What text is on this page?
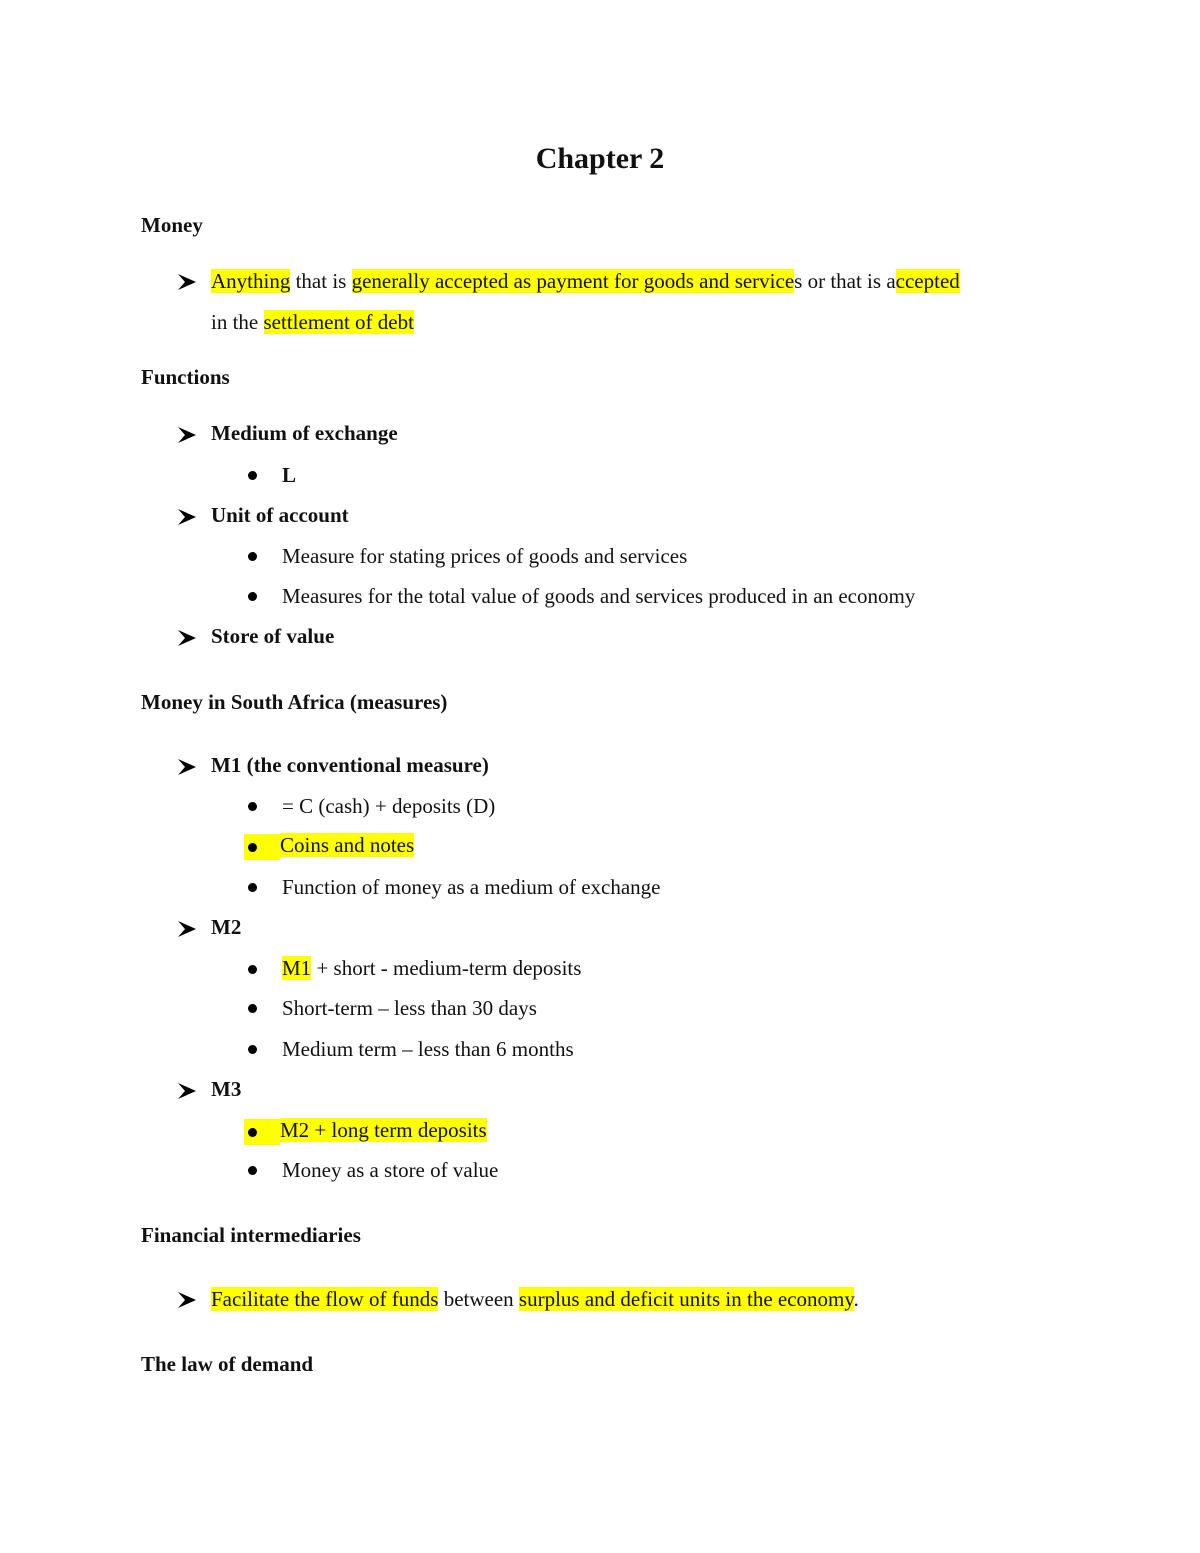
Chapter 2
Money
Anything that is generally accepted as payment for goods and services or that is accepted
in the settlement of debt
Functions
Medium of exchange
L
Unit of account
Measure for stating prices of goods and services
Measures for the total value of goods and services produced in an economy
Store of value
Money in South Africa (measures)
M1 (the conventional measure)
= C (cash) + deposits (D)
Coins and notes
Function of money as a medium of exchange
M2
M1 + short - medium-term deposits
Short-term – less than 30 days
Medium term – less than 6 months
M3
M2 + long term deposits
Money as a store of value
Financial intermediaries
Facilitate the flow of funds between surplus and deficit units in the economy.
The law of demand
